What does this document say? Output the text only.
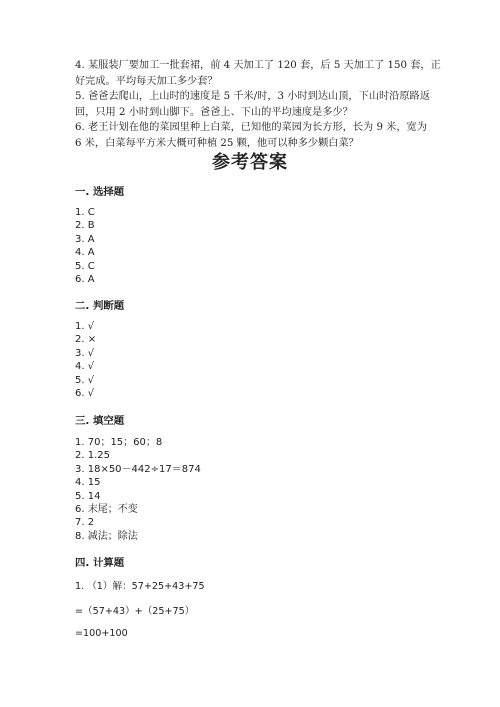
4. 某服装厂要加工一批套裙，前 4 天加工了 120 套，后 5 天加工了 150 套，正

好完成。平均每天加工多少套？

5. 爸爸去爬山，上山时的速度是 5 千米/时，3 小时到达山顶，下山时沿原路返

回，只用 2 小时到山脚下。爸爸上、下山的平均速度是多少？

6. 老王计划在他的菜园里种上白菜，已知他的菜园为长方形，长为 9 米，宽为

6 米，白菜每平方米大概可种植 25 颗，他可以种多少颗白菜？

参考答案
一. 选择题
1. C
2. B
3. A
4. A
5. C
6. A
二. 判断题
1. √
2. ×
3. √
4. √
5. √
6. √
三. 填空题
1. 70；15；60；8
2. 1.25
3. 18×50－442÷17＝874
4. 15
5. 14
6. 末尾；不变
7. 2
8. 减法；除法
四. 计算题
1. （1）解：57+25+43+75
=（57+43）+（25+75）
=100+100
